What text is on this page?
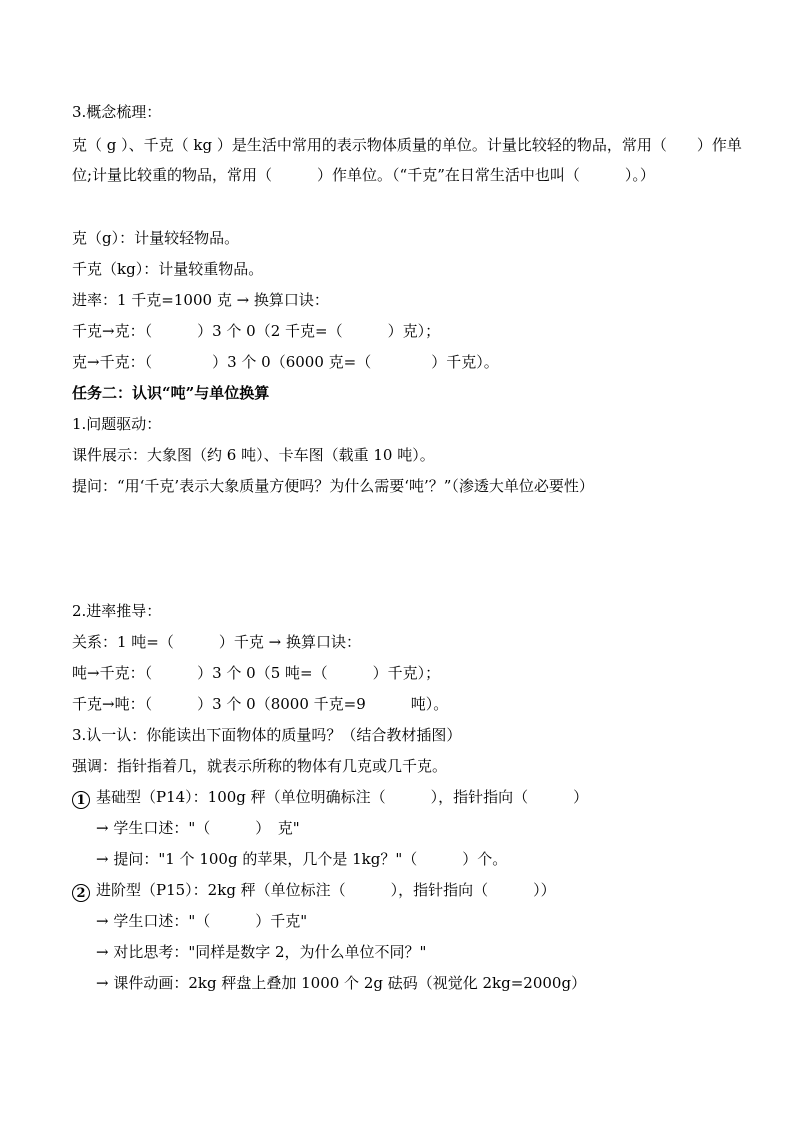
3.概念梳理：
克（ g ）、千克（ kg ）是生活中常用的表示物体质量的单位。计量比较轻的物品，常用（　　）作单位;计量比较重的物品，常用（　　　）作单位。（“千克”在日常生活中也叫（　　　）。）
克（g）：计量较轻物品。
千克（kg）：计量较重物品。
进率：1 千克=1000 克 → 换算口诀：
千克→克：（　　　）3 个 0（2 千克=（　　　）克）；
克→千克：（　　　　）3 个 0（6000 克=（　　　　）千克）。
任务二：认识“吨”与单位换算
1.问题驱动：
课件展示：大象图（约 6 吨）、卡车图（载重 10 吨）。
提问：“用‘千克’表示大象质量方便吗？为什么需要‘吨’？”（渗透大单位必要性）
2.进率推导：
关系：1 吨=（　　　）千克 → 换算口诀：
吨→千克：（　　　）3 个 0（5 吨=（　　　）千克）；
千克→吨：（　　　）3 个 0（8000 千克=9　　　吨）。
3.认一认：你能读出下面物体的质量吗？（结合教材插图）
强调：指针指着几，就表示所称的物体有几克或几千克。
1 基础型（P14）：100g 秤（单位明确标注（　　　），指针指向（　　　）
→ 学生口述："（　　　）　克"
→ 提问："1 个 100g 的苹果，几个是 1kg？"（　　　）个。
2 进阶型（P15）：2kg 秤（单位标注（　　　），指针指向（　　　））
→ 学生口述："（　　　）千克"
→ 对比思考："同样是数字 2，为什么单位不同？"
→ 课件动画：2kg 秤盘上叠加 1000 个 2g 砝码（视觉化 2kg=2000g）
